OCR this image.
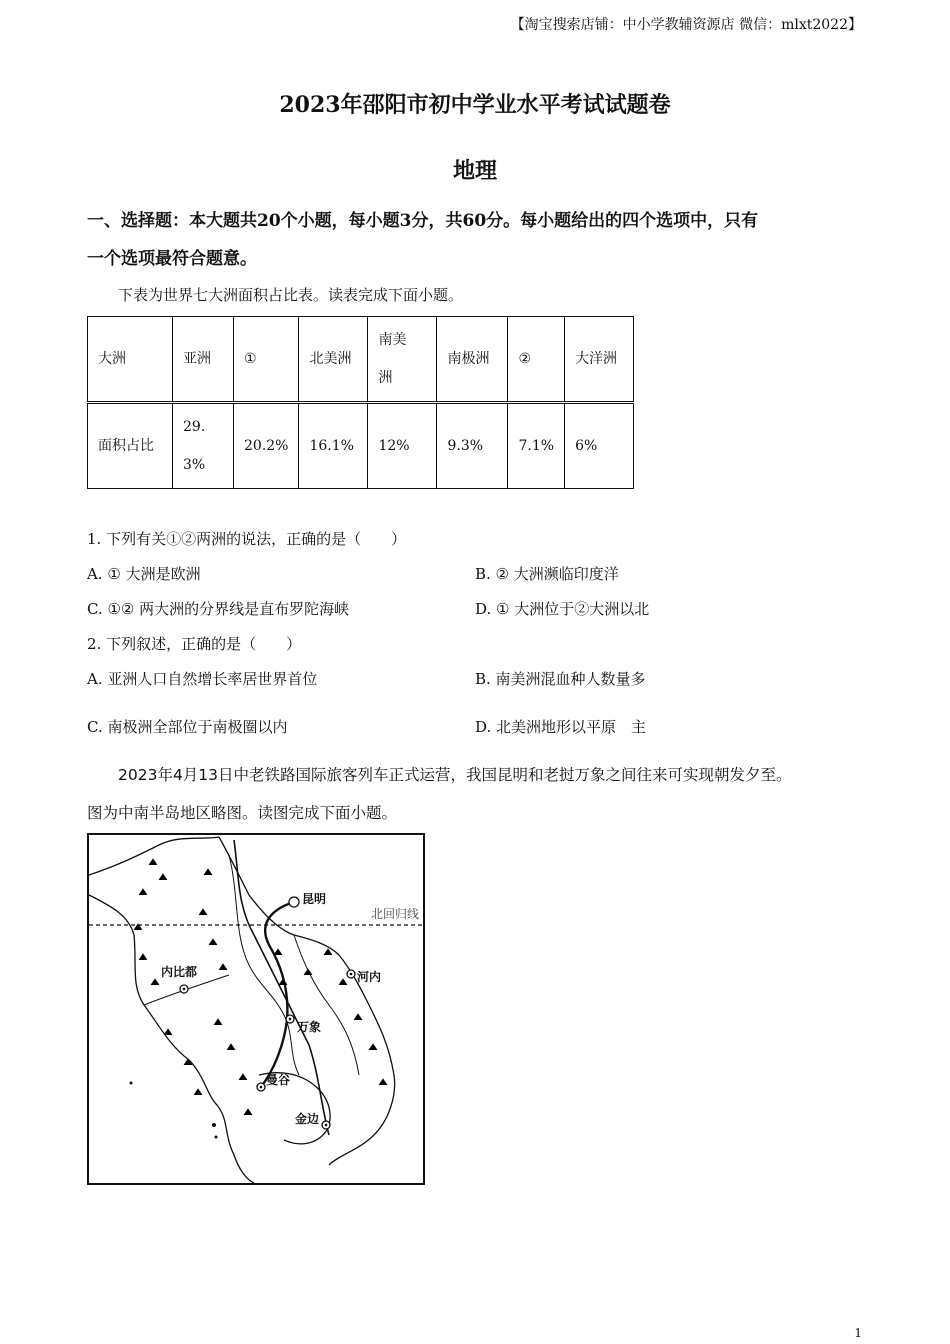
【淘宝搜索店铺：中小学教辅资源店 微信：mlxt2022】
2023年邵阳市初中学业水平考试试题卷
地理
一、选择题：本大题共20个小题，每小题3分，共60分。每小题给出的四个选项中，只有
一个选项最符合题意。
下表为世界七大洲面积占比表。读表完成下面小题。
大洲	亚洲	①	北美洲	南美洲	南极洲	②	大洋洲
面积占比	29.3%	20.2%	16.1%	12%	9.3%	7.1%	6%
1. 下列有关①②两洲的说法，正确的是（　　）
A. ① 大洲是欧洲	B. ② 大洲濒临印度洋
C. ①② 两大洲的分界线是直布罗陀海峡	D. ① 大洲位于②大洲以北
2. 下列叙述，正确的是（　　）
A. 亚洲人口自然增长率居世界首位	B. 南美洲混血种人数量多
C. 南极洲全部位于南极圈以内	D. 北美洲地形以平原　主
2023年4月13日中老铁路国际旅客列车正式运营，我国昆明和老挝万象之间往来可实现朝发夕至。
图为中南半岛地区略图。读图完成下面小题。
昆明
北回归线
河内
内比都
万象
曼谷
金边
1
